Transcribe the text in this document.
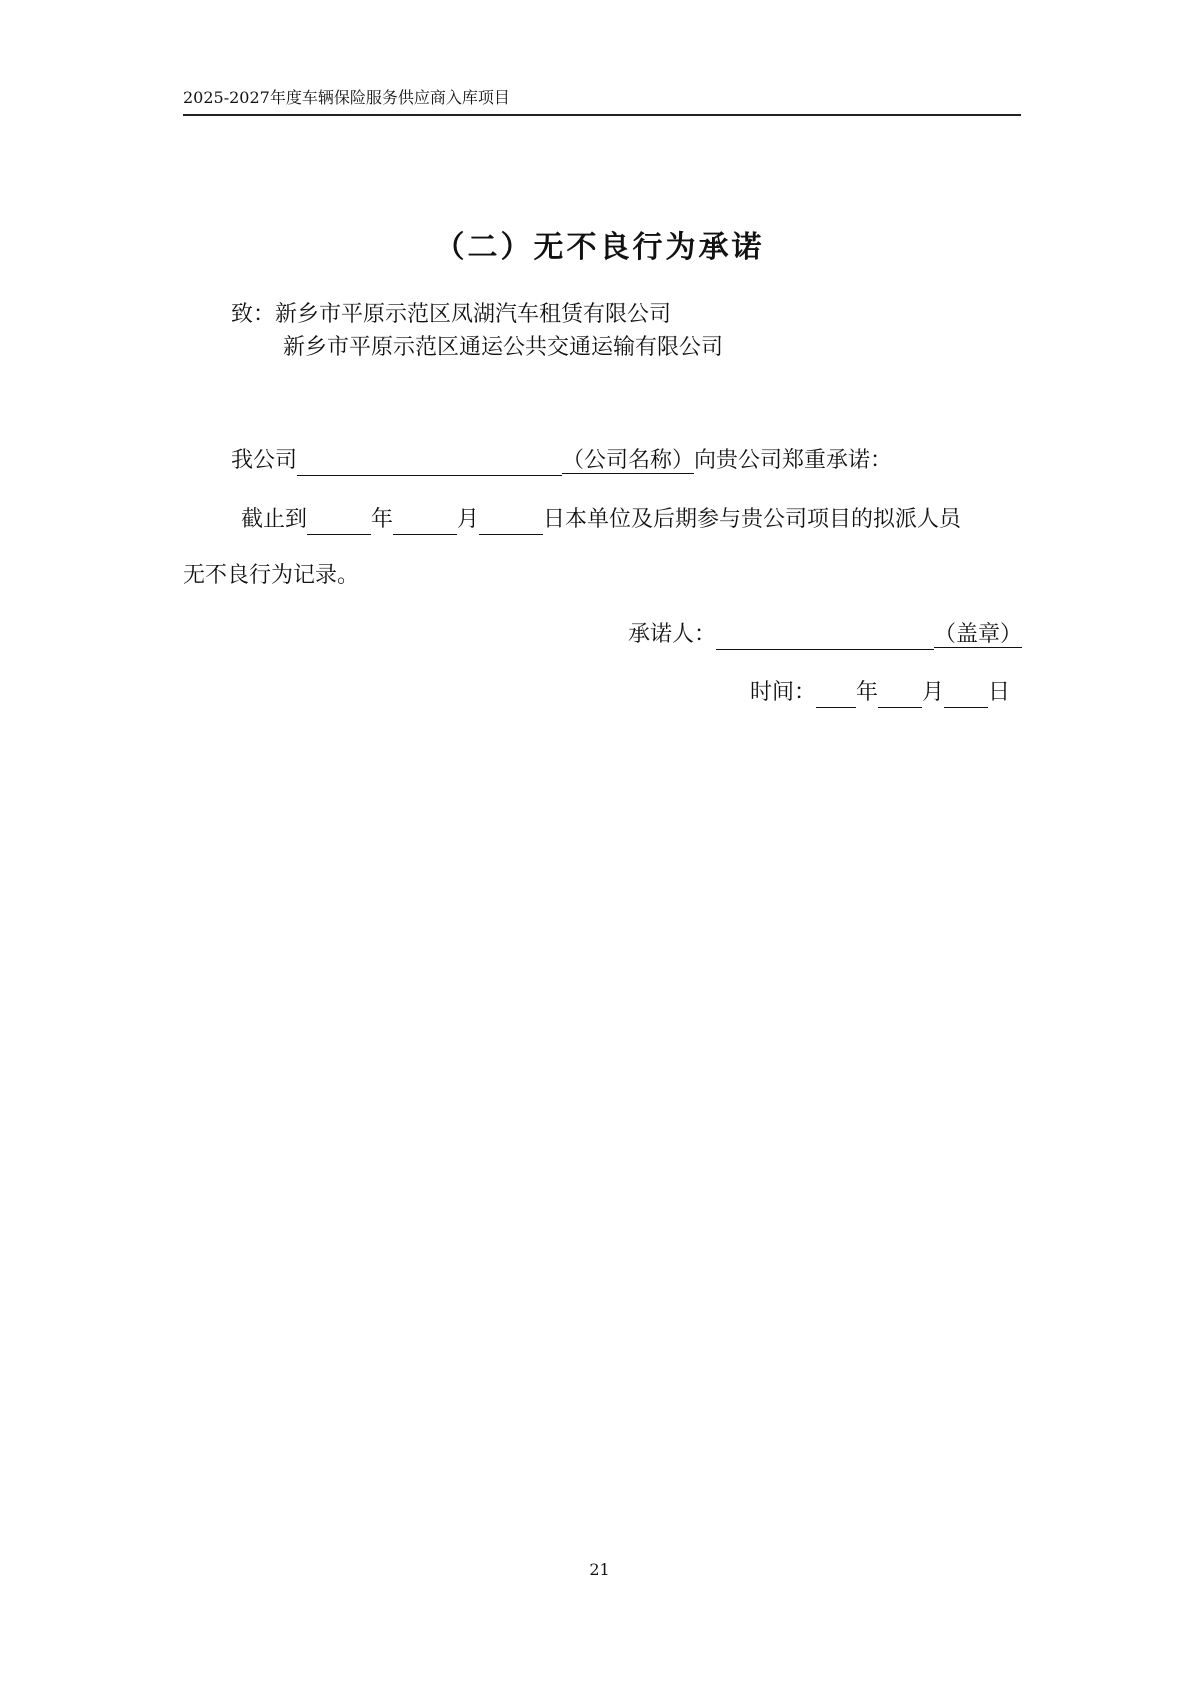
2025-2027年度车辆保险服务供应商入库项目
（二）无不良行为承诺
致：新乡市平原示范区凤湖汽车租赁有限公司
新乡市平原示范区通运公共交通运输有限公司
我公司	（公司名称）向贵公司郑重承诺：
截止到	年	月	日本单位及后期参与贵公司项目的拟派人员
无不良行为记录。
承诺人：	（盖章）
时间： 年 月 日
21
